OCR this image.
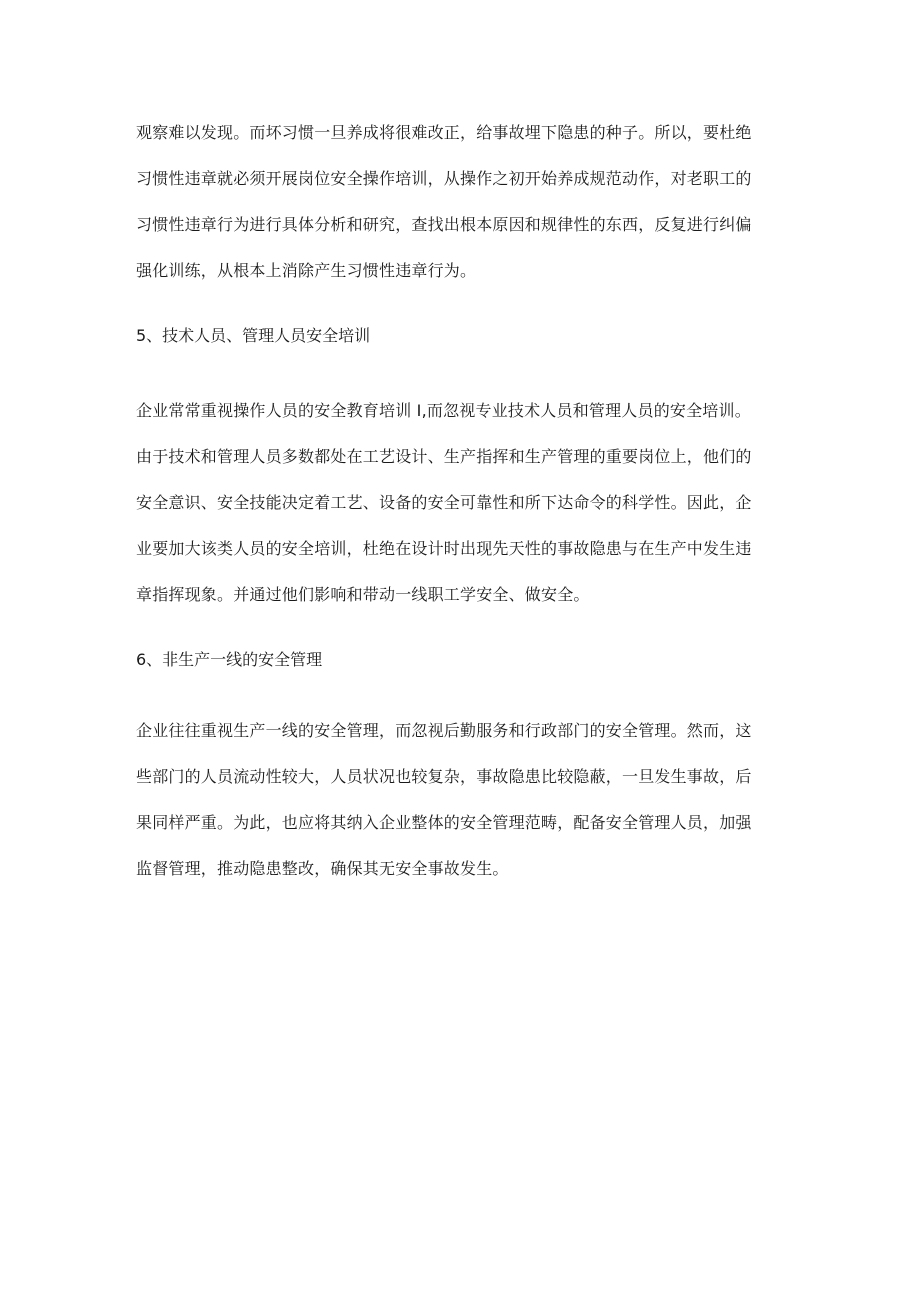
观察难以发现。而坏习惯一旦养成将很难改正，给事故埋下隐患的种子。所以，要杜绝
习惯性违章就必须开展岗位安全操作培训，从操作之初开始养成规范动作，对老职工的
习惯性违章行为进行具体分析和研究，查找出根本原因和规律性的东西，反复进行纠偏
强化训练，从根本上消除产生习惯性违章行为。
5、技术人员、管理人员安全培训
企业常常重视操作人员的安全教育培训 I,而忽视专业技术人员和管理人员的安全培训。
由于技术和管理人员多数都处在工艺设计、生产指挥和生产管理的重要岗位上，他们的
安全意识、安全技能决定着工艺、设备的安全可靠性和所下达命令的科学性。因此，企
业要加大该类人员的安全培训，杜绝在设计时出现先天性的事故隐患与在生产中发生违
章指挥现象。并通过他们影响和带动一线职工学安全、做安全。
6、非生产一线的安全管理
企业往往重视生产一线的安全管理，而忽视后勤服务和行政部门的安全管理。然而，这
些部门的人员流动性较大，人员状况也较复杂，事故隐患比较隐蔽，一旦发生事故，后
果同样严重。为此，也应将其纳入企业整体的安全管理范畴，配备安全管理人员，加强
监督管理，推动隐患整改，确保其无安全事故发生。
